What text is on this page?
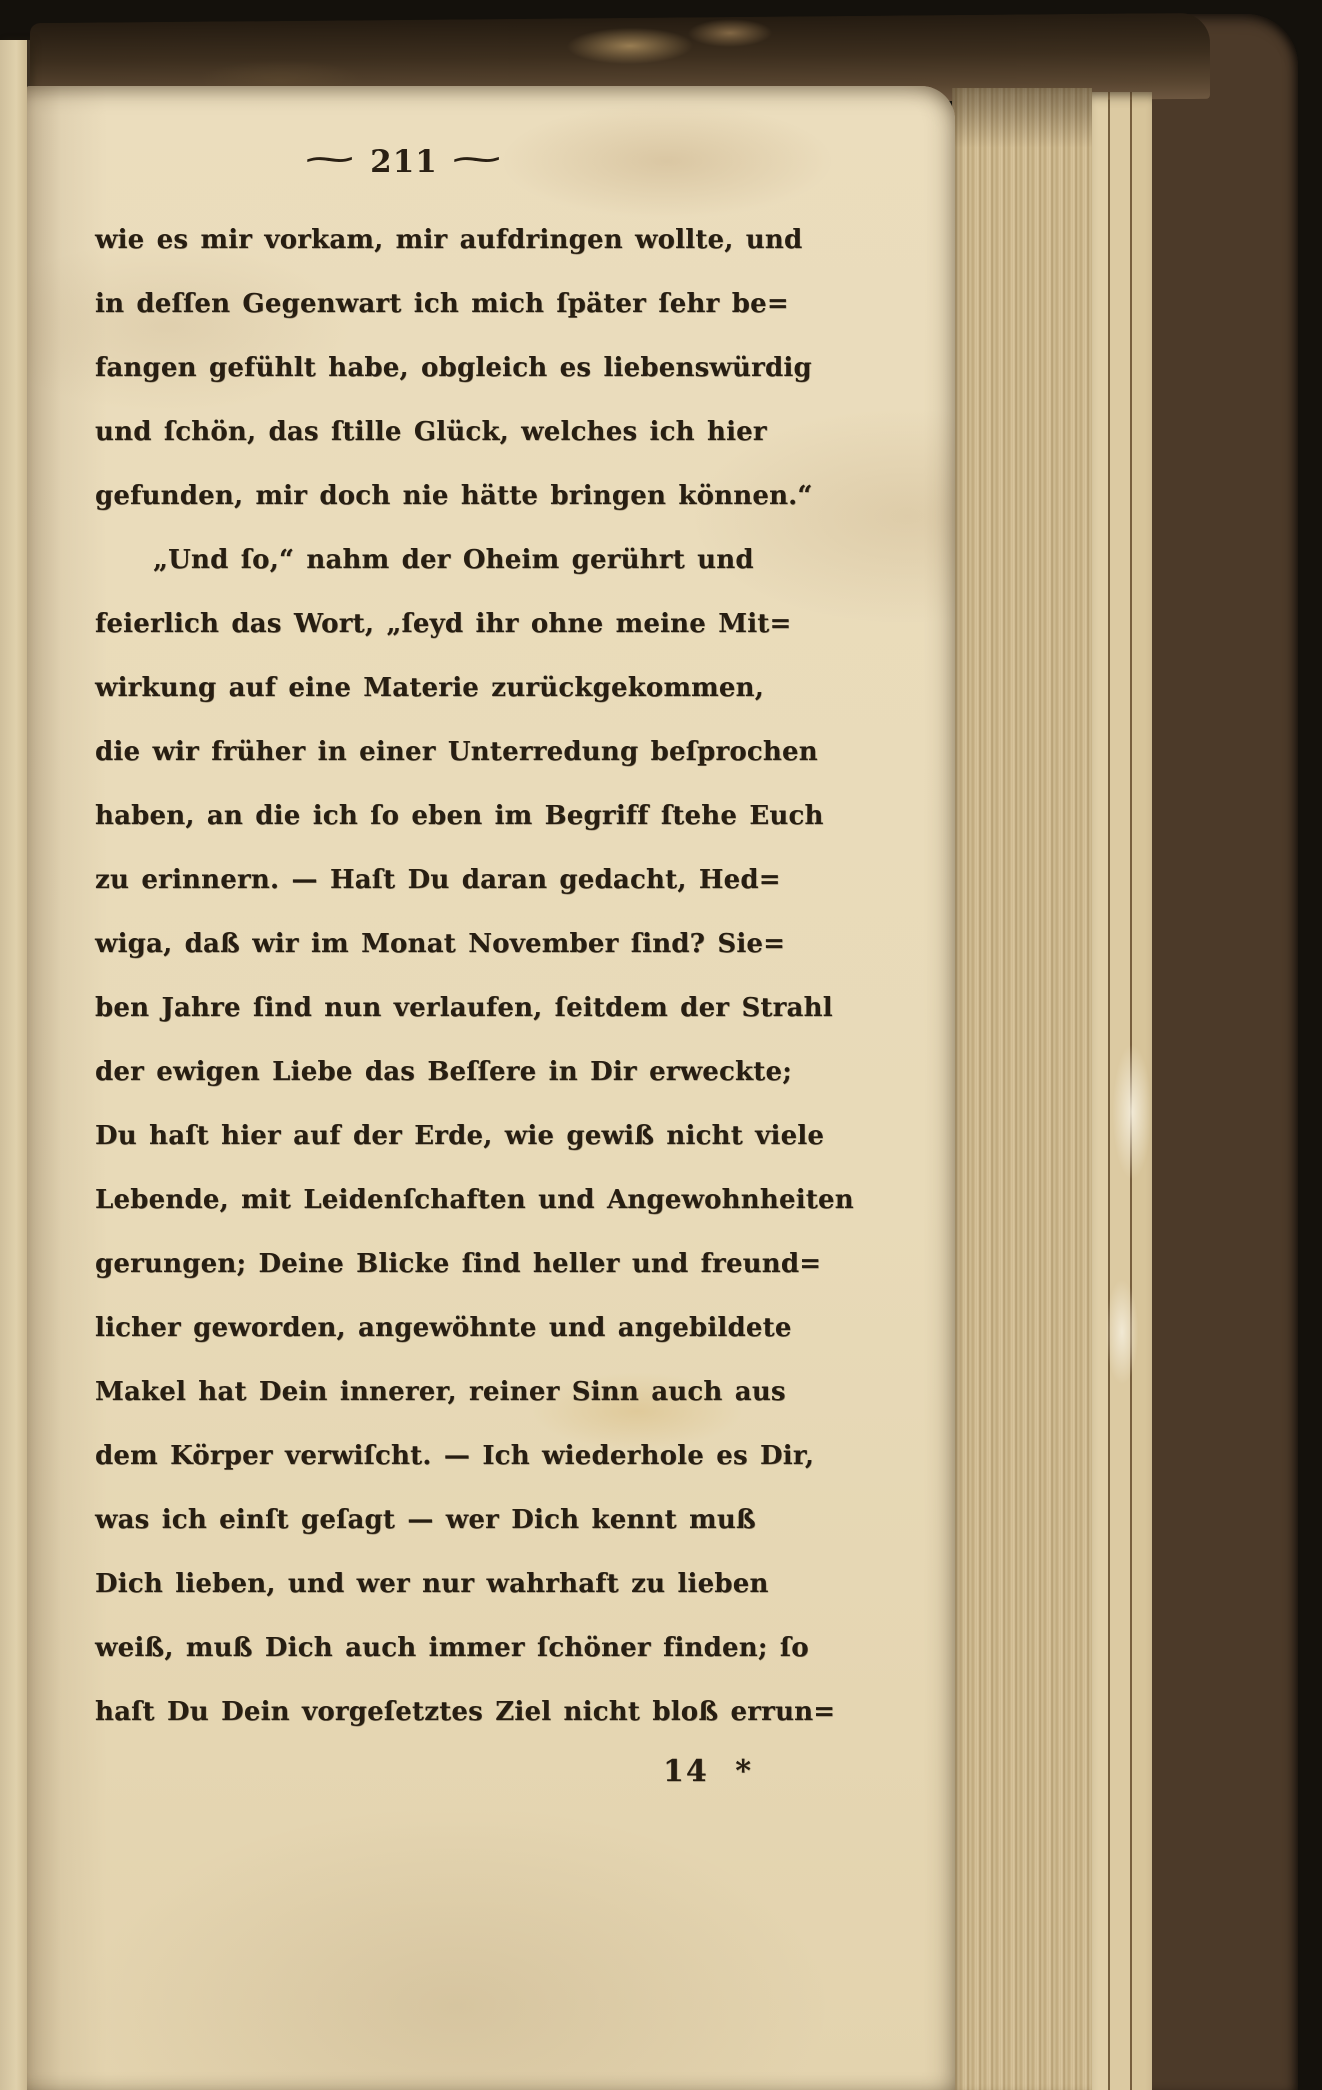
⁓ 211 ⁓
wie es mir vorkam, mir aufdringen wollte, und
in deſſen Gegenwart ich mich ſpäter ſehr be=
fangen gefühlt habe, obgleich es liebenswürdig
und ſchön, das ſtille Glück, welches ich hier
gefunden, mir doch nie hätte bringen können.“
„Und ſo,“ nahm der Oheim gerührt und
feierlich das Wort, „ſeyd ihr ohne meine Mit=
wirkung auf eine Materie zurückgekommen,
die wir früher in einer Unterredung beſprochen
haben, an die ich ſo eben im Begriff ſtehe Euch
zu erinnern. — Haſt Du daran gedacht, Hed=
wiga, daß wir im Monat November ſind? Sie=
ben Jahre ſind nun verlaufen, ſeitdem der Strahl
der ewigen Liebe das Beſſere in Dir erweckte;
Du haſt hier auf der Erde, wie gewiß nicht viele
Lebende, mit Leidenſchaften und Angewohnheiten
gerungen; Deine Blicke ſind heller und freund=
licher geworden, angewöhnte und angebildete
Makel hat Dein innerer, reiner Sinn auch aus
dem Körper verwiſcht. — Ich wiederhole es Dir,
was ich einſt geſagt — wer Dich kennt muß
Dich lieben, und wer nur wahrhaft zu lieben
weiß, muß Dich auch immer ſchöner finden; ſo
haſt Du Dein vorgeſetztes Ziel nicht bloß errun=
14 *
